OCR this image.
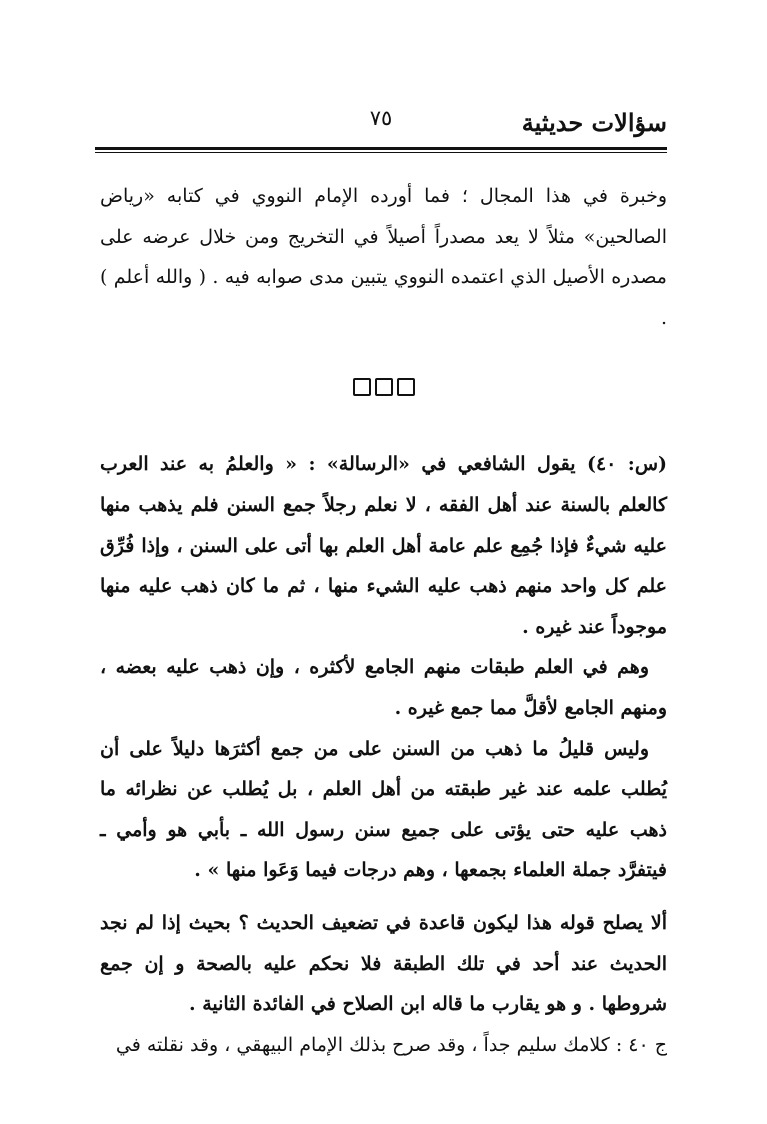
٧٥	سؤالات حديثية

وخبرة في هذا المجال ؛ فما أورده الإمام النووي في كتابه «رياض الصالحين» مثلاً لا يعد مصدراً أصيلاً في التخريج ومن خلال عرضه على مصدره الأصيل الذي اعتمده النووي يتبين مدى صوابه فيه . ( والله أعلم ) .

(س: ٤٠) يقول الشافعي في «الرسالة» : « والعلمُ به عند العرب كالعلم بالسنة عند أهل الفقه ، لا نعلم رجلاً جمع السنن فلم يذهب منها عليه شيءٌ فإذا جُمِع علم عامة أهل العلم بها أتى على السنن ، وإذا فُرِّق علم كل واحد منهم ذهب عليه الشيء منها ، ثم ما كان ذهب عليه منها موجوداً عند غيره .

وهم في العلم طبقات منهم الجامع لأكثره ، وإن ذهب عليه بعضه ، ومنهم الجامع لأقلَّ مما جمع غيره .

وليس قليلُ ما ذهب من السنن على من جمع أكثرَها دليلاً على أن يُطلب علمه عند غير طبقته من أهل العلم ، بل يُطلب عن نظرائه ما ذهب عليه حتى يؤتى على جميع سنن رسول الله ـ بأبي هو وأمي ـ فيتفرَّد جملة العلماء بجمعها ، وهم درجات فيما وَعَوا منها » .

ألا يصلح قوله هذا ليكون قاعدة في تضعيف الحديث ؟ بحيث إذا لم نجد الحديث عند أحد في تلك الطبقة فلا نحكم عليه بالصحة و إن جمع شروطها . و هو يقارب ما قاله ابن الصلاح في الفائدة الثانية .

ج ٤٠ : كلامك سليم جداً ، وقد صرح بذلك الإمام البيهقي ، وقد نقلته في
